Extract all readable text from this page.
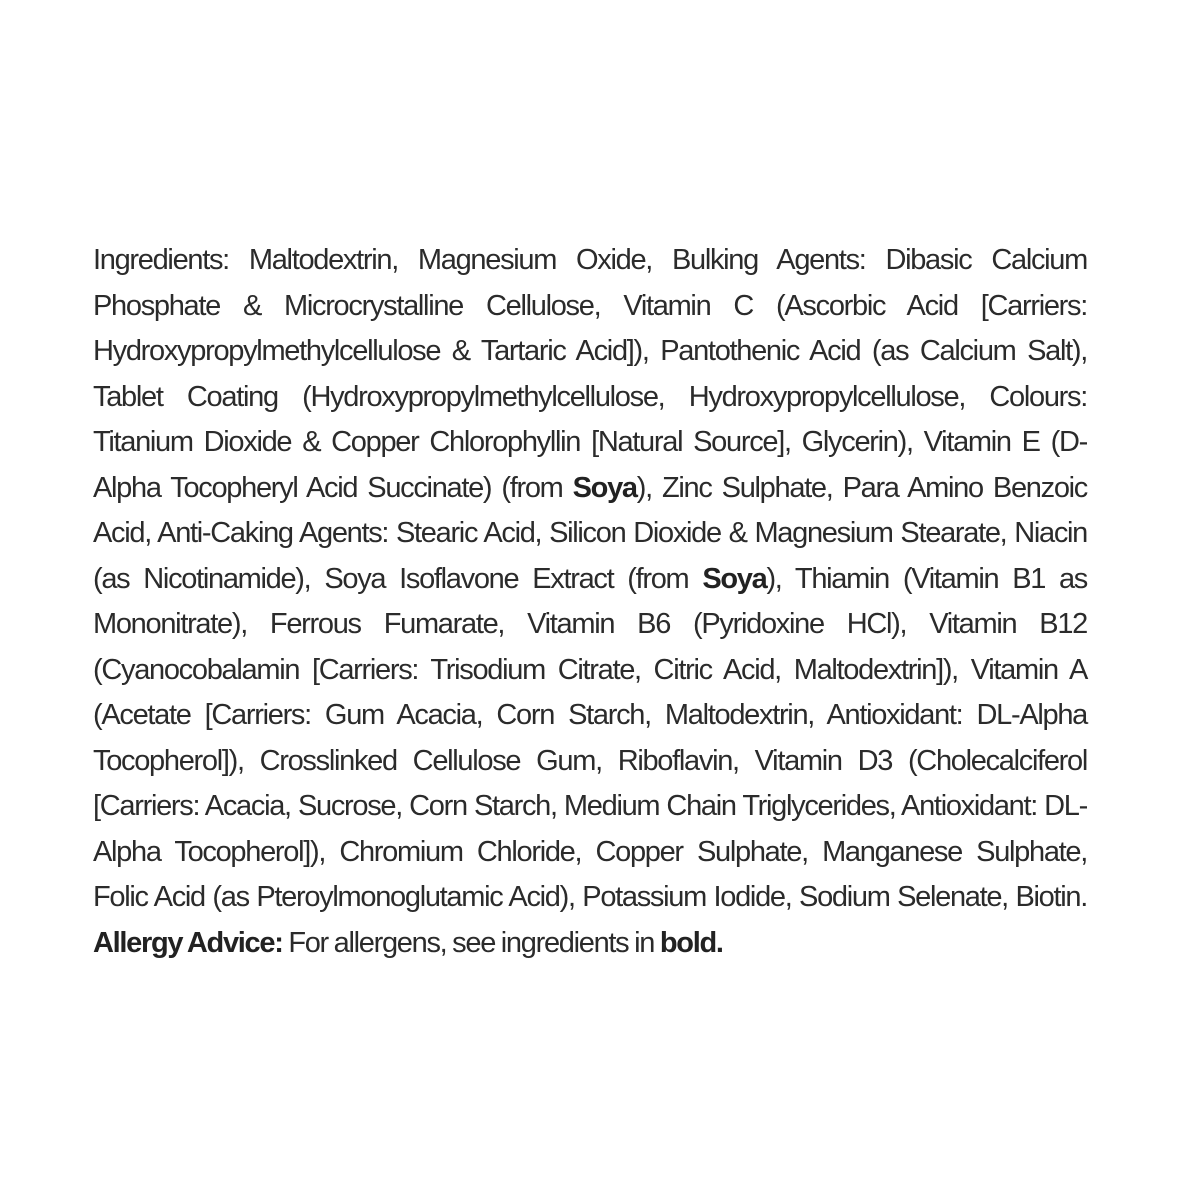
Ingredients: Maltodextrin, Magnesium Oxide, Bulking Agents: Dibasic Calcium Phosphate & Microcrystalline Cellulose, Vitamin C (Ascorbic Acid [Carriers: Hydroxypropylmethylcellulose & Tartaric Acid]), Pantothenic Acid (as Calcium Salt), Tablet Coating (Hydroxypropylmethylcellulose, Hydroxypropylcellulose, Colours: Titanium Dioxide & Copper Chlorophyllin [Natural Source], Glycerin), Vitamin E (D-Alpha Tocopheryl Acid Succinate) (from Soya), Zinc Sulphate, Para Amino Benzoic Acid, Anti-Caking Agents: Stearic Acid, Silicon Dioxide & Magnesium Stearate, Niacin (as Nicotinamide), Soya Isoflavone Extract (from Soya), Thiamin (Vitamin B1 as Mononitrate), Ferrous Fumarate, Vitamin B6 (Pyridoxine HCl), Vitamin B12 (Cyanocobalamin [Carriers: Trisodium Citrate, Citric Acid, Maltodextrin]), Vitamin A (Acetate [Carriers: Gum Acacia, Corn Starch, Maltodextrin, Antioxidant: DL-Alpha Tocopherol]), Crosslinked Cellulose Gum, Riboflavin, Vitamin D3 (Cholecalciferol [Carriers: Acacia, Sucrose, Corn Starch, Medium Chain Triglycerides, Antioxidant: DL-Alpha Tocopherol]), Chromium Chloride, Copper Sulphate, Manganese Sulphate, Folic Acid (as Pteroylmonoglutamic Acid), Potassium Iodide, Sodium Selenate, Biotin. Allergy Advice: For allergens, see ingredients in bold.
